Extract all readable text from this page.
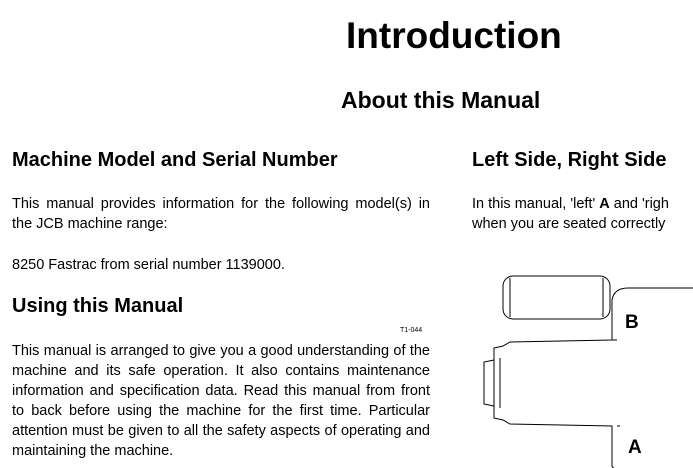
Introduction
About this Manual
Machine Model and Serial Number

This manual provides information for the following model(s) in the JCB machine range:

8250 Fastrac from serial number 1139000.

Using this Manual
T1-044

This manual is arranged to give you a good understanding of the machine and its safe operation. It also contains maintenance information and specification data. Read this manual from front to back before using the machine for the first time. Particular attention must be given to all the safety aspects of operating and maintaining the machine.

Left Side, Right Side

In this manual, 'left' A and 'righ
when you are seated correctly

B
A
